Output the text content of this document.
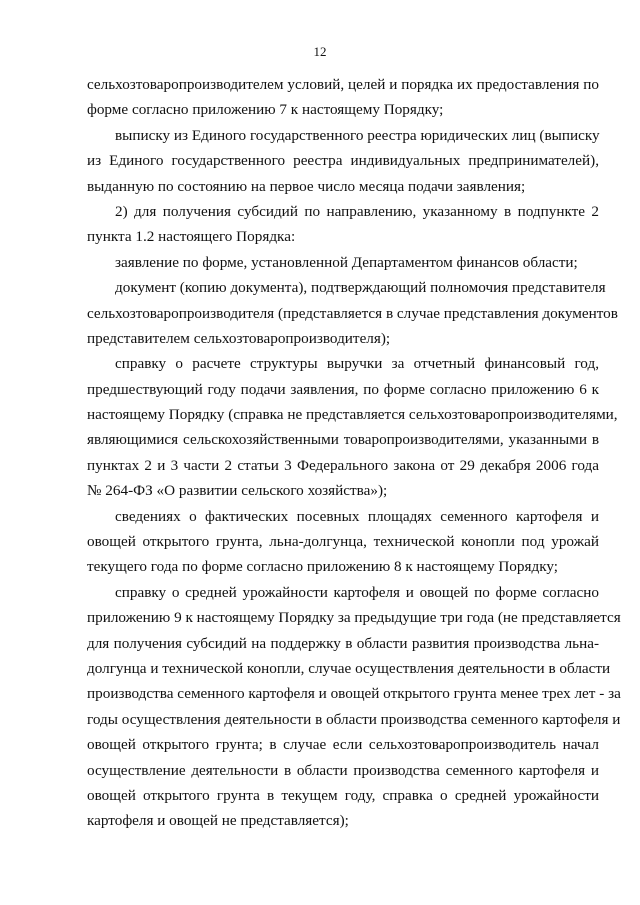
12
сельхозтоваропроизводителем условий, целей и порядка их предоставления по
форме согласно приложению 7 к настоящему Порядку;
выписку из Единого государственного реестра юридических лиц (выписку
из Единого государственного реестра индивидуальных предпринимателей),
выданную по состоянию на первое число месяца подачи заявления;
2) для получения субсидий по направлению, указанному в подпункте 2
пункта 1.2 настоящего Порядка:
заявление по форме, установленной Департаментом финансов области;
документ (копию документа), подтверждающий полномочия представителя
сельхозтоваропроизводителя (представляется в случае представления документов
представителем сельхозтоваропроизводителя);
справку о расчете структуры выручки за отчетный финансовый год,
предшествующий году подачи заявления, по форме согласно приложению 6 к
настоящему Порядку (справка не представляется сельхозтоваропроизводителями,
являющимися сельскохозяйственными товаропроизводителями, указанными в
пунктах 2 и 3 части 2 статьи 3 Федерального закона от 29 декабря 2006 года
№ 264-ФЗ «О развитии сельского хозяйства»);
сведениях о фактических посевных площадях семенного картофеля и
овощей открытого грунта, льна-долгунца, технической конопли под урожай
текущего года по форме согласно приложению 8 к настоящему Порядку;
справку о средней урожайности картофеля и овощей по форме согласно
приложению 9 к настоящему Порядку за предыдущие три года (не представляется
для получения субсидий на поддержку в области развития производства льна-
долгунца и технической конопли, случае осуществления деятельности в области
производства семенного картофеля и овощей открытого грунта менее трех лет - за
годы осуществления деятельности в области производства семенного картофеля и
овощей открытого грунта; в случае если сельхозтоваропроизводитель начал
осуществление деятельности в области производства семенного картофеля и
овощей открытого грунта в текущем году, справка о средней урожайности
картофеля и овощей не представляется);
